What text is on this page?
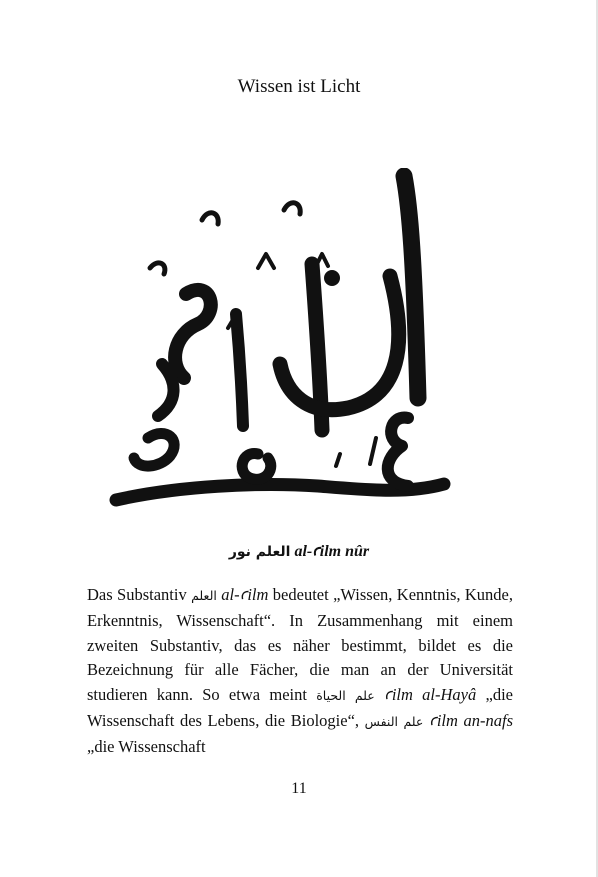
Wissen ist Licht
العلم نور al-ꜥilm nûr
Das Substantiv العلم al-ꜥilm bedeutet „Wissen, Kenntnis, Kunde, Erkenntnis, Wissenschaft“. In Zusammenhang mit einem zweiten Substantiv, das es näher bestimmt, bildet es die Bezeichnung für alle Fächer, die man an der Universität studieren kann. So etwa meint علم الحياة ꜥilm al-Hayâ „die Wissenschaft des Lebens, die Biologie“, علم النفس ꜥilm an-nafs „die Wissenschaft
11
